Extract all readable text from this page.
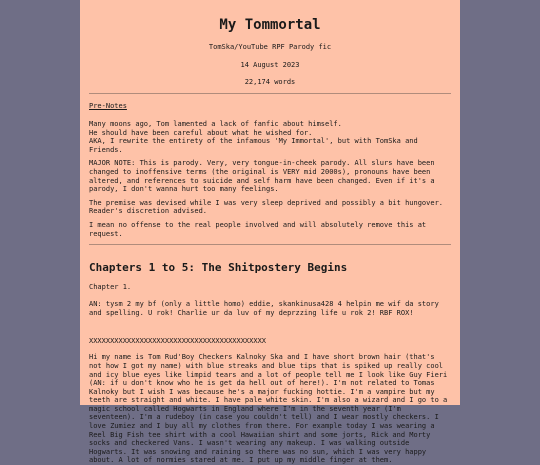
My Tommortal
TomSka/YouTube RPF Parody fic
14 August 2023
22,174 words
Pre-Notes

Many moons ago, Tom lamented a lack of fanfic about himself.
He should have been careful about what he wished for.
AKA, I rewrite the entirety of the infamous 'My Immortal', but with TomSka and Friends.

MAJOR NOTE: This is parody. Very, very tongue-in-cheek parody. All slurs have been changed to inoffensive terms (the original is VERY mid 2000s), pronouns have been altered, and references to suicide and self harm have been changed. Even if it's a parody, I don't wanna hurt too many feelings.

The premise was devised while I was very sleep deprived and possibly a bit hungover. Reader's discretion advised.

I mean no offense to the real people involved and will absolutely remove this at request.

Chapters 1 to 5: The Shitpostery Begins
Chapter 1.

AN: tysm 2 my bf (only a little homo) eddie, skankinusa428 4 helpin me wif da story and spelling. U rok! Charlie ur da luv of my deprzzing life u rok 2! RBF ROX!

XXXXXXXXXXXXXXXXXXXXXXXXXXXXXXXXXXXXXXXXXX

Hi my name is Tom Rud'Boy Checkers Kalnoky Ska and I have short brown hair (that's not how I got my name) with blue streaks and blue tips that is spiked up really cool and icy blue eyes like limpid tears and a lot of people tell me I look like Guy Fieri (AN: if u don't know who he is get da hell out of here!). I'm not related to Tomas Kalnoky but I wish I was because he's a major fucking hottie. I'm a vampire but my teeth are straight and white. I have pale white skin. I'm also a wizard and I go to a magic school called Hogwarts in England where I'm in the seventh year (I'm seventeen). I'm a rudeboy (in case you couldn't tell) and I wear mostly checkers. I love Zumiez and I buy all my clothes from there. For example today I was wearing a Reel Big Fish tee shirt with a cool Hawaiian shirt and some jorts, Rick and Morty socks and checkered Vans. I wasn't wearing any makeup. I was walking outside Hogwarts. It was snowing and raining so there was no sun, which I was very happy about. A lot of normies stared at me. I put up my middle finger at them.
